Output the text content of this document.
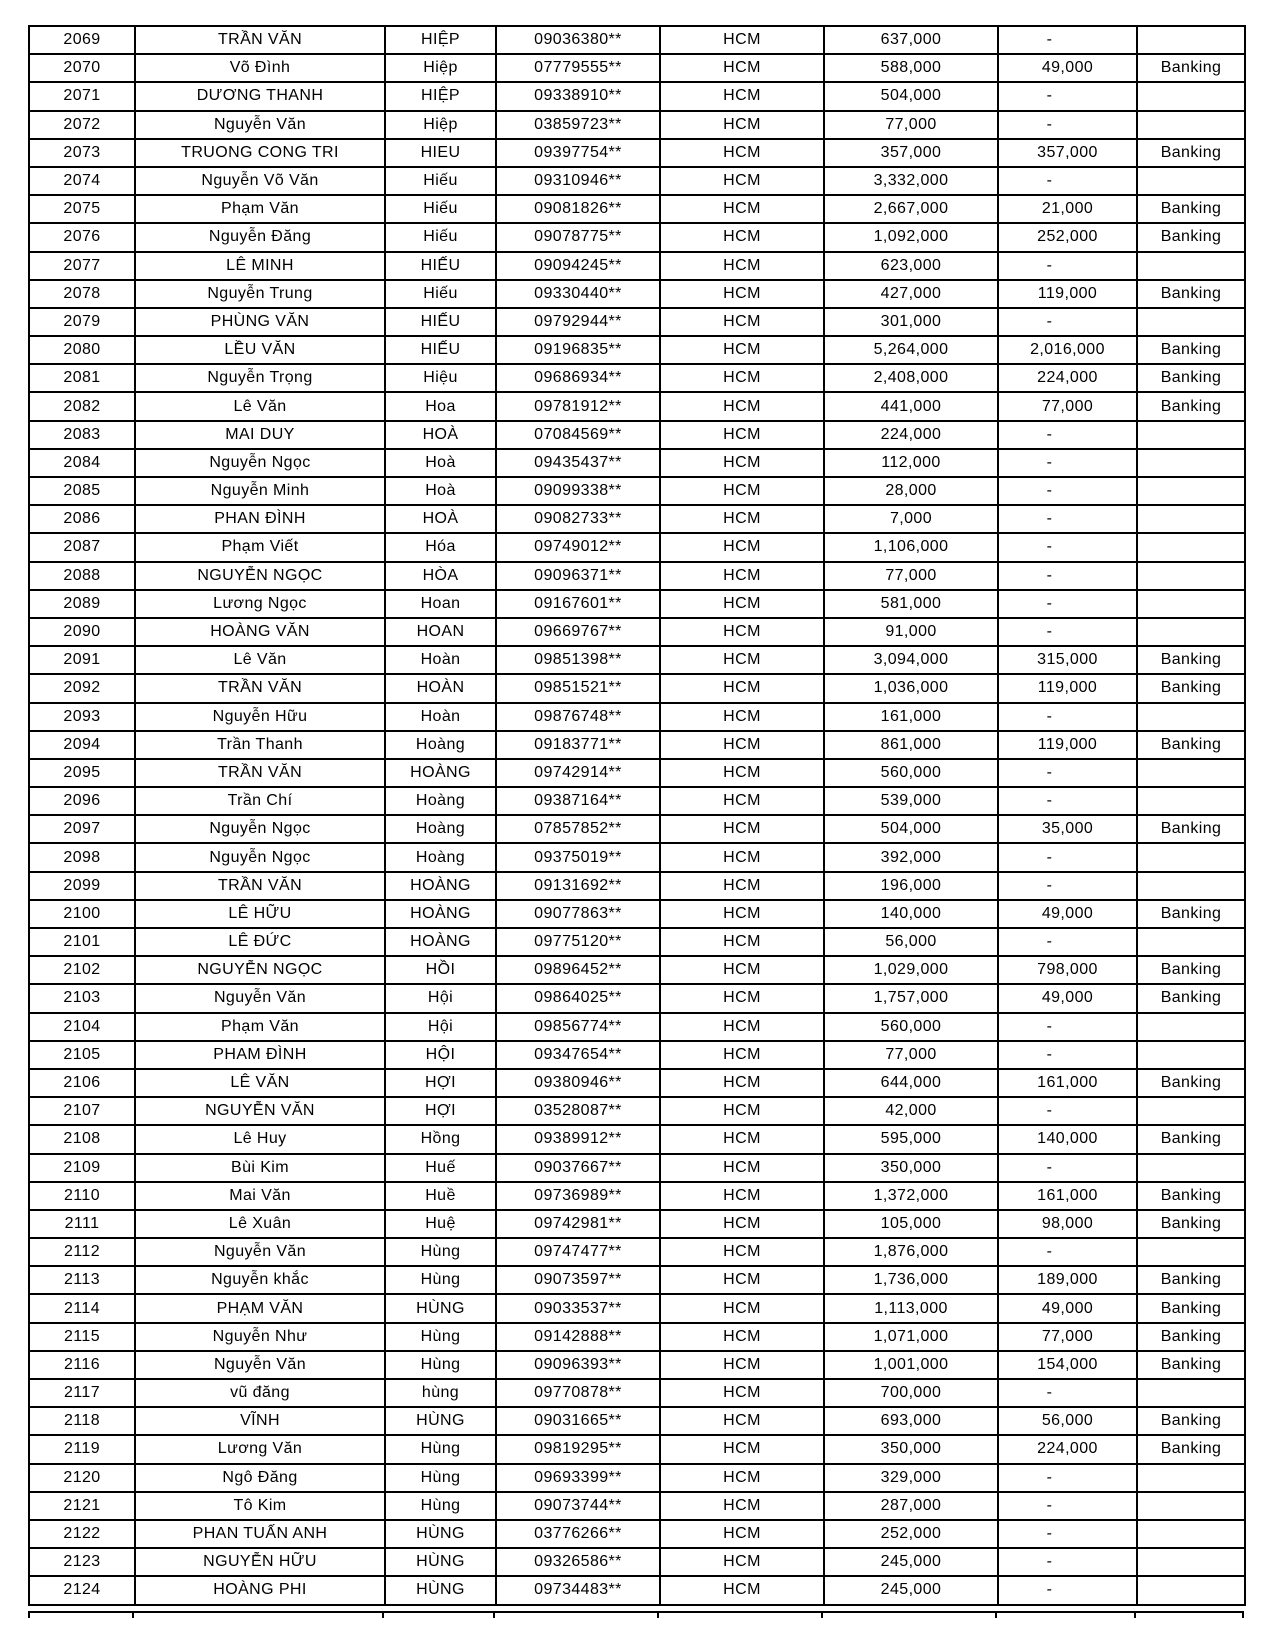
2069	TRẦN VĂN	HIỆP	09036380**	HCM	637,000	-	
2070	Võ Đình	Hiệp	07779555**	HCM	588,000	49,000	Banking
2071	DƯƠNG THANH	HIỆP	09338910**	HCM	504,000	-	
2072	Nguyễn Văn	Hiệp	03859723**	HCM	77,000	-	
2073	TRUONG CONG TRI	HIEU	09397754**	HCM	357,000	357,000	Banking
2074	Nguyễn Võ Văn	Hiếu	09310946**	HCM	3,332,000	-	
2075	Phạm Văn	Hiếu	09081826**	HCM	2,667,000	21,000	Banking
2076	Nguyễn Đăng	Hiếu	09078775**	HCM	1,092,000	252,000	Banking
2077	LÊ MINH	HIẾU	09094245**	HCM	623,000	-	
2078	Nguyễn Trung	Hiếu	09330440**	HCM	427,000	119,000	Banking
2079	PHÙNG VĂN	HIẾU	09792944**	HCM	301,000	-	
2080	LỀU VĂN	HIẾU	09196835**	HCM	5,264,000	2,016,000	Banking
2081	Nguyễn Trọng	Hiệu	09686934**	HCM	2,408,000	224,000	Banking
2082	Lê Văn	Hoa	09781912**	HCM	441,000	77,000	Banking
2083	MAI DUY	HOÀ	07084569**	HCM	224,000	-	
2084	Nguyễn Ngọc	Hoà	09435437**	HCM	112,000	-	
2085	Nguyễn Minh	Hoà	09099338**	HCM	28,000	-	
2086	PHAN ĐÌNH	HOÀ	09082733**	HCM	7,000	-	
2087	Phạm Viết	Hóa	09749012**	HCM	1,106,000	-	
2088	NGUYỄN NGỌC	HÒA	09096371**	HCM	77,000	-	
2089	Lương Ngọc	Hoan	09167601**	HCM	581,000	-	
2090	HOÀNG VĂN	HOAN	09669767**	HCM	91,000	-	
2091	Lê Văn	Hoàn	09851398**	HCM	3,094,000	315,000	Banking
2092	TRẦN VĂN	HOÀN	09851521**	HCM	1,036,000	119,000	Banking
2093	Nguyễn Hữu	Hoàn	09876748**	HCM	161,000	-	
2094	Trần Thanh	Hoàng	09183771**	HCM	861,000	119,000	Banking
2095	TRẦN VĂN	HOÀNG	09742914**	HCM	560,000	-	
2096	Trần Chí	Hoàng	09387164**	HCM	539,000	-	
2097	Nguyễn Ngọc	Hoàng	07857852**	HCM	504,000	35,000	Banking
2098	Nguyễn Ngọc	Hoàng	09375019**	HCM	392,000	-	
2099	TRẦN VĂN	HOÀNG	09131692**	HCM	196,000	-	
2100	LÊ HỮU	HOÀNG	09077863**	HCM	140,000	49,000	Banking
2101	LÊ ĐỨC	HOÀNG	09775120**	HCM	56,000	-	
2102	NGUYỄN NGỌC	HỒI	09896452**	HCM	1,029,000	798,000	Banking
2103	Nguyễn Văn	Hội	09864025**	HCM	1,757,000	49,000	Banking
2104	Phạm Văn	Hội	09856774**	HCM	560,000	-	
2105	PHAM ĐÌNH	HỘI	09347654**	HCM	77,000	-	
2106	LÊ VĂN	HỢI	09380946**	HCM	644,000	161,000	Banking
2107	NGUYỄN VĂN	HỢI	03528087**	HCM	42,000	-	
2108	Lê Huy	Hồng	09389912**	HCM	595,000	140,000	Banking
2109	Bùi Kim	Huế	09037667**	HCM	350,000	-	
2110	Mai Văn	Huề	09736989**	HCM	1,372,000	161,000	Banking
2111	Lê Xuân	Huệ	09742981**	HCM	105,000	98,000	Banking
2112	Nguyễn Văn	Hùng	09747477**	HCM	1,876,000	-	
2113	Nguyễn khắc	Hùng	09073597**	HCM	1,736,000	189,000	Banking
2114	PHẠM VĂN	HÙNG	09033537**	HCM	1,113,000	49,000	Banking
2115	Nguyễn Như	Hùng	09142888**	HCM	1,071,000	77,000	Banking
2116	Nguyễn Văn	Hùng	09096393**	HCM	1,001,000	154,000	Banking
2117	vũ đăng	hùng	09770878**	HCM	700,000	-	
2118	VĨNH	HÙNG	09031665**	HCM	693,000	56,000	Banking
2119	Lương Văn	Hùng	09819295**	HCM	350,000	224,000	Banking
2120	Ngô Đăng	Hùng	09693399**	HCM	329,000	-	
2121	Tô Kim	Hùng	09073744**	HCM	287,000	-	
2122	PHAN TUẤN ANH	HÙNG	03776266**	HCM	252,000	-	
2123	NGUYỄN HỮU	HÙNG	09326586**	HCM	245,000	-	
2124	HOÀNG PHI	HÙNG	09734483**	HCM	245,000	-	
